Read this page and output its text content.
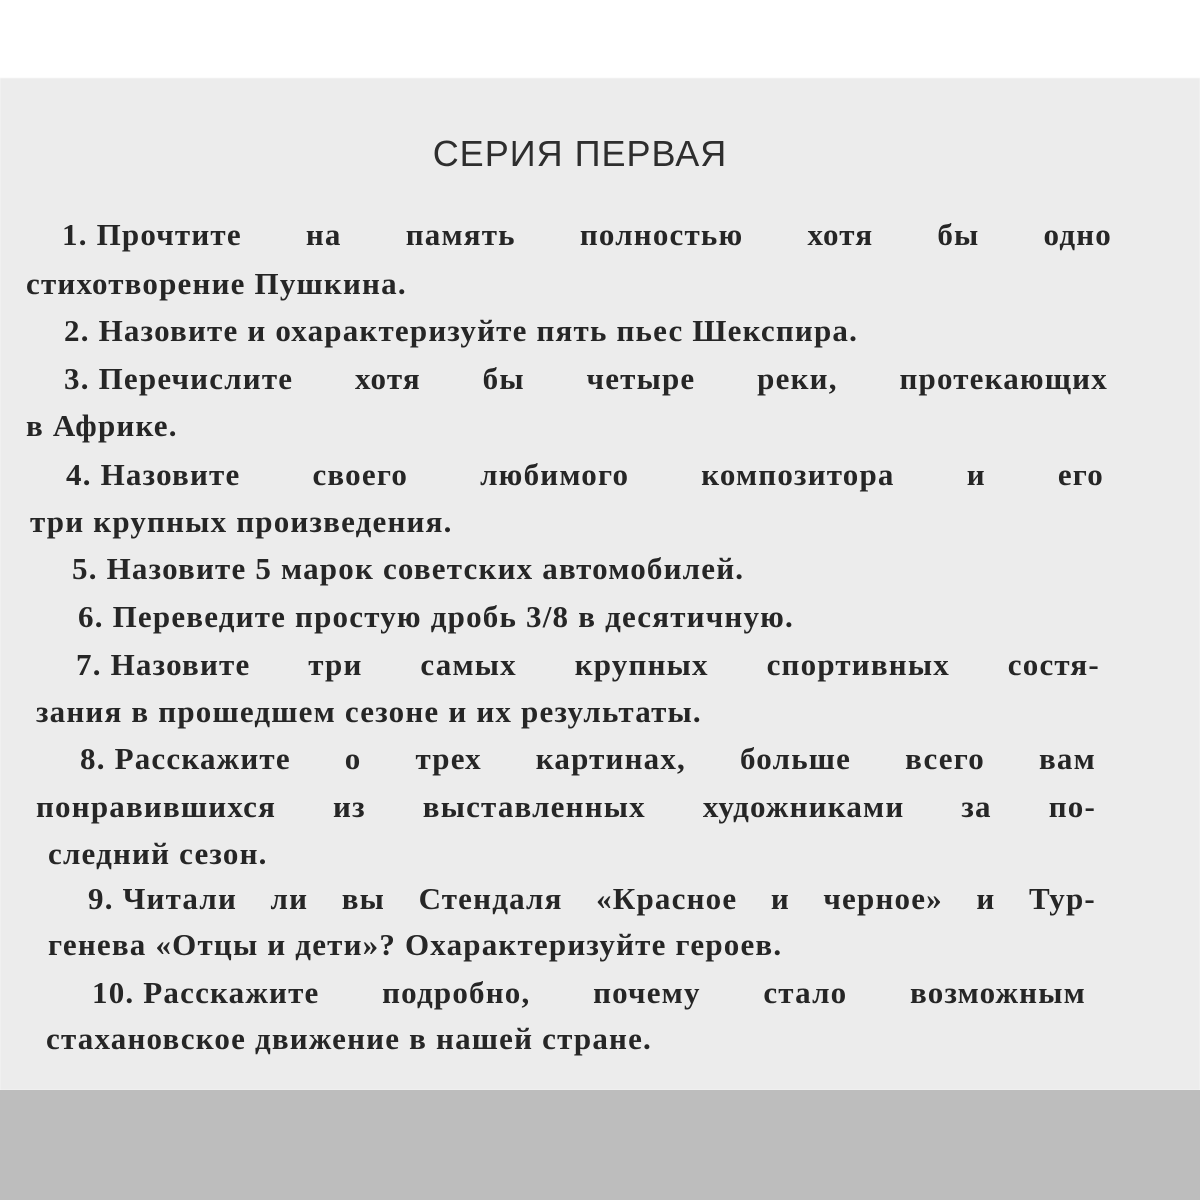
СЕРИЯ ПЕРВАЯ
1. Прочтите на память полностью хотя бы одно
стихотворение Пушкина.
2. Назовите и охарактеризуйте пять пьес Шекспира.
3. Перечислите хотя бы четыре реки, протекающих
в Африке.
4. Назовите своего любимого композитора и его
три крупных произведения.
5. Назовите 5 марок советских автомобилей.
6. Переведите простую дробь 3/8 в десятичную.
7. Назовите три самых крупных спортивных состя-
зания в прошедшем сезоне и их результаты.
8. Расскажите о трех картинах, больше всего вам
понравившихся из выставленных художниками за по-
следний сезон.
9. Читали ли вы Стендаля «Красное и черное» и Тур-
генева «Отцы и дети»? Охарактеризуйте героев.
10. Расскажите подробно, почему стало возможным
стахановское движение в нашей стране.
